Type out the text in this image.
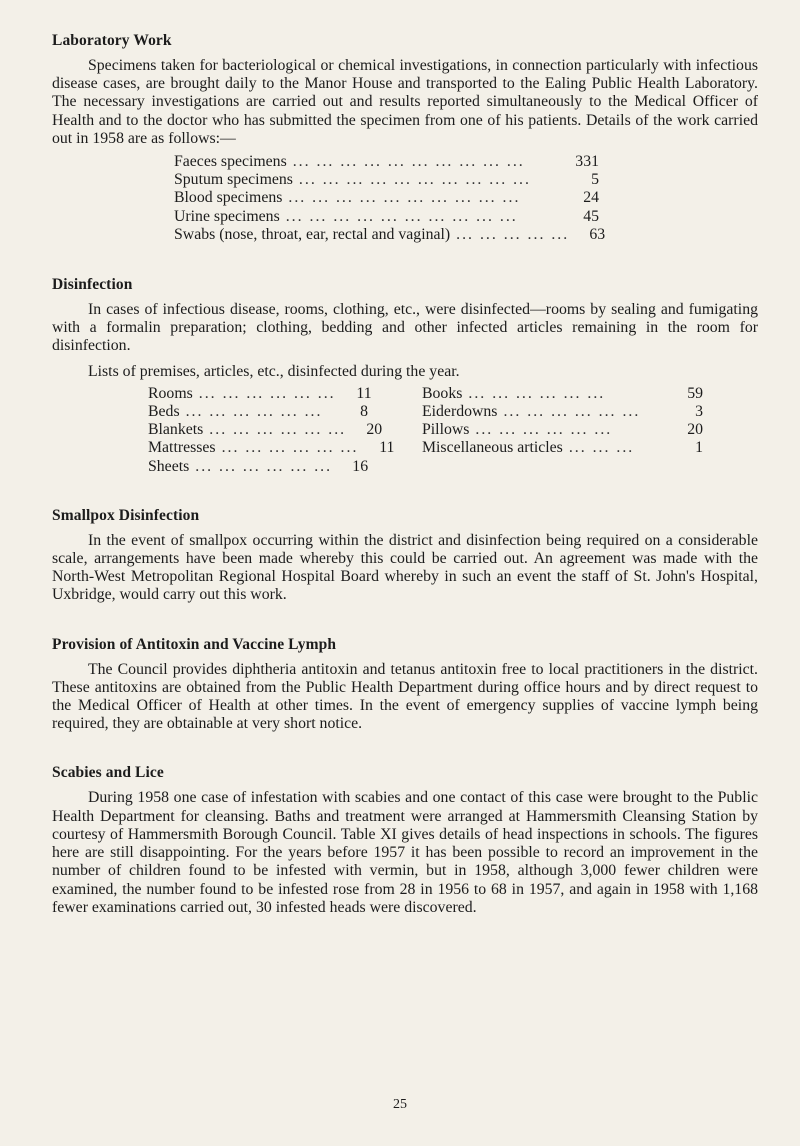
Laboratory Work

Specimens taken for bacteriological or chemical investigations, in connection particularly with infectious disease cases, are brought daily to the Manor House and transported to the Ealing Public Health Laboratory. The necessary investigations are carried out and results reported simultaneously to the Medical Officer of Health and to the doctor who has submitted the specimen from one of his patients. Details of the work carried out in 1958 are as follows:—

Faeces specimens ... ... ... ... ... ... ... ... ... ...	331
Sputum specimens ... ... ... ... ... ... ... ... ... ...	5
Blood specimens ... ... ... ... ... ... ... ... ... ...	24
Urine specimens ... ... ... ... ... ... ... ... ... ...	45
Swabs (nose, throat, ear, rectal and vaginal) ... ... ... ... ...	63
Disinfection

In cases of infectious disease, rooms, clothing, etc., were disinfected—rooms by sealing and fumigating with a formalin preparation; clothing, bedding and other infected articles remaining in the room for disinfection.

Lists of premises, articles, etc., disinfected during the year.

Rooms ... ... ... ... ... ...	11
Beds ... ... ... ... ... ...	8
Blankets ... ... ... ... ... ...	20
Mattresses ... ... ... ... ... ...	11
Sheets ... ... ... ... ... ...	16
Books ... ... ... ... ... ...	59
Eiderdowns ... ... ... ... ... ...	3
Pillows ... ... ... ... ... ...	20
Miscellaneous articles ... ... ...	1
Smallpox Disinfection

In the event of smallpox occurring within the district and disinfection being required on a considerable scale, arrangements have been made whereby this could be carried out. An agreement was made with the North-West Metropolitan Regional Hospital Board whereby in such an event the staff of St. John's Hospital, Uxbridge, would carry out this work.

Provision of Antitoxin and Vaccine Lymph

The Council provides diphtheria antitoxin and tetanus antitoxin free to local practitioners in the district. These antitoxins are obtained from the Public Health Department during office hours and by direct request to the Medical Officer of Health at other times. In the event of emergency supplies of vaccine lymph being required, they are obtainable at very short notice.

Scabies and Lice

During 1958 one case of infestation with scabies and one contact of this case were brought to the Public Health Department for cleansing. Baths and treatment were arranged at Hammersmith Cleansing Station by courtesy of Hammersmith Borough Council. Table XI gives details of head inspections in schools. The figures here are still disappointing. For the years before 1957 it has been possible to record an improvement in the number of children found to be infested with vermin, but in 1958, although 3,000 fewer children were examined, the number found to be infested rose from 28 in 1956 to 68 in 1957, and again in 1958 with 1,168 fewer examinations carried out, 30 infested heads were discovered.

25
